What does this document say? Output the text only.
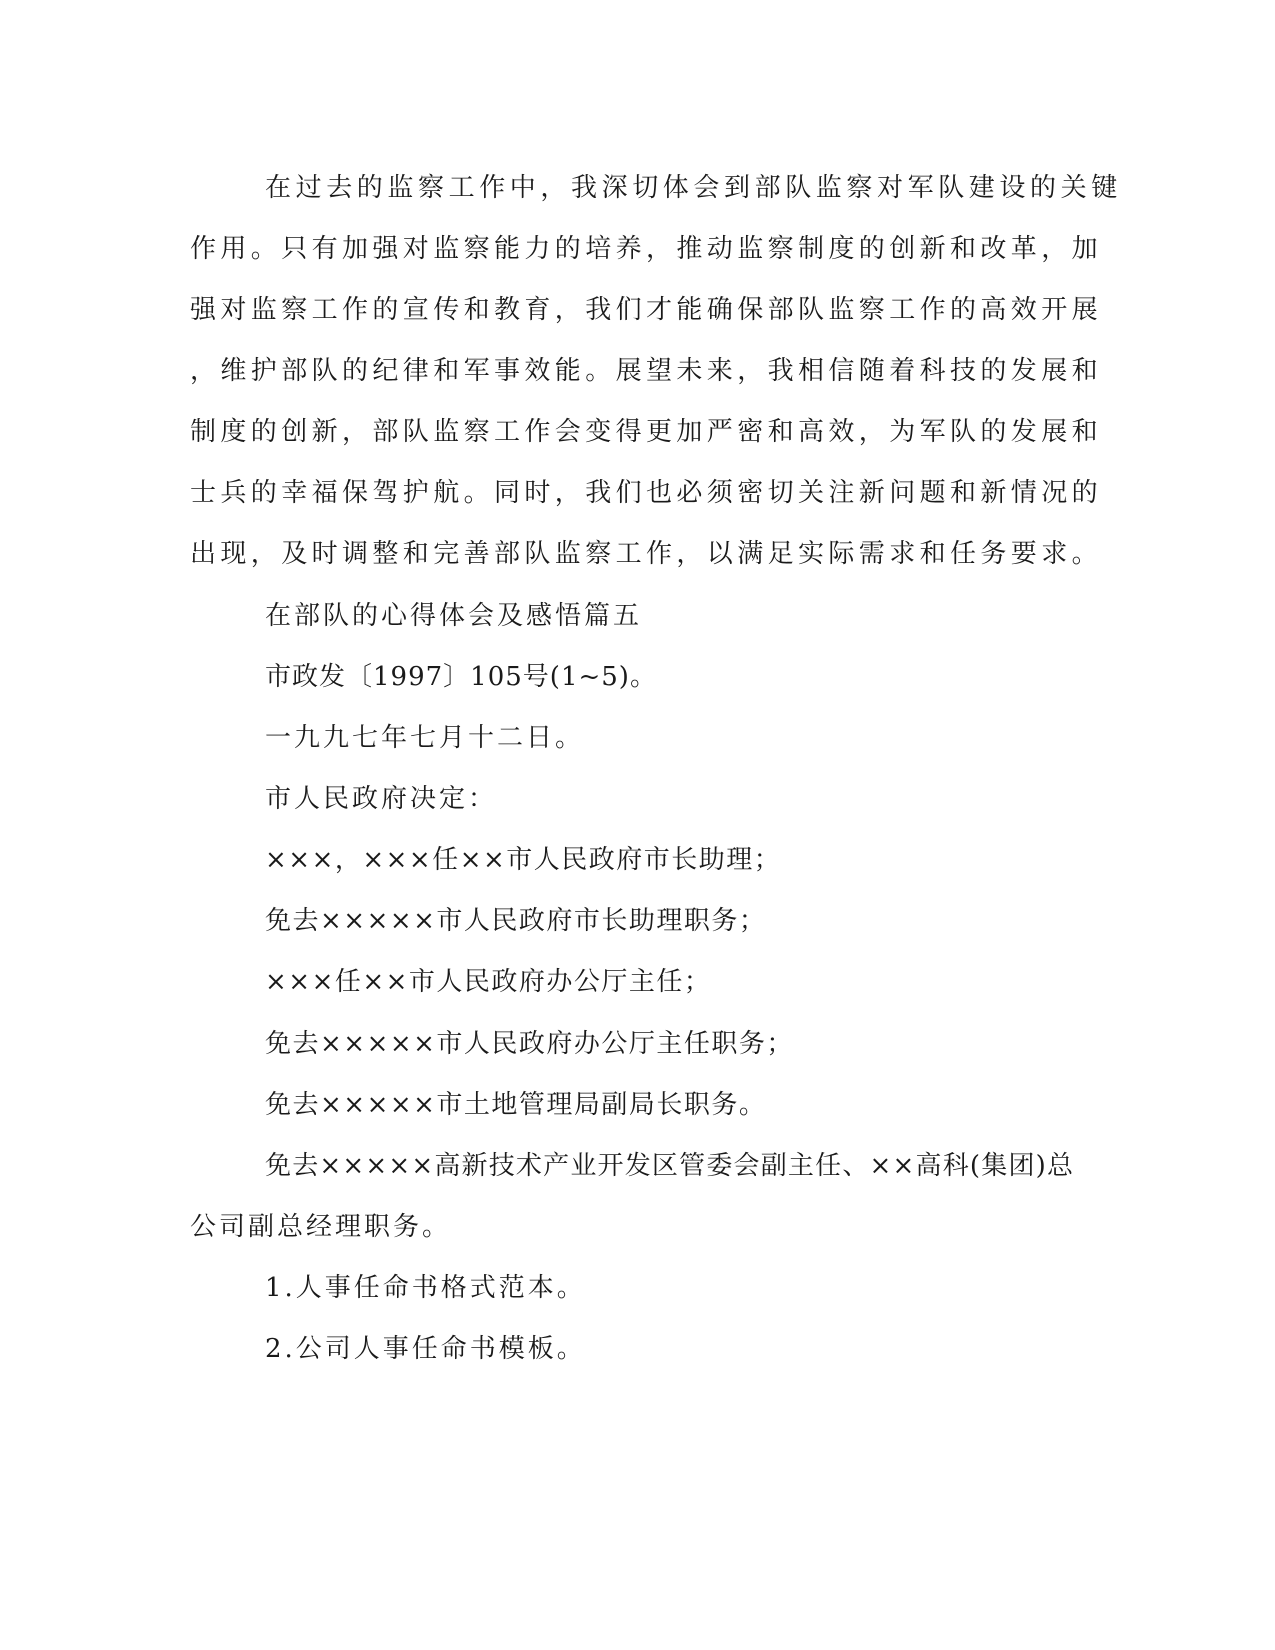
在过去的监察工作中，我深切体会到部队监察对军队建设的关键
作用。只有加强对监察能力的培养，推动监察制度的创新和改革，加
强对监察工作的宣传和教育，我们才能确保部队监察工作的高效开展
，维护部队的纪律和军事效能。展望未来，我相信随着科技的发展和
制度的创新，部队监察工作会变得更加严密和高效，为军队的发展和
士兵的幸福保驾护航。同时，我们也必须密切关注新问题和新情况的
出现，及时调整和完善部队监察工作，以满足实际需求和任务要求。
在部队的心得体会及感悟篇五
市政发〔1997〕105号(1~5)。
一九九七年七月十二日。
市人民政府决定：
×××，×××任××市人民政府市长助理；
免去×××××市人民政府市长助理职务；
×××任××市人民政府办公厅主任；
免去×××××市人民政府办公厅主任职务；
免去×××××市土地管理局副局长职务。
免去×××××高新技术产业开发区管委会副主任、××高科(集团)总
公司副总经理职务。
1.人事任命书格式范本。
2.公司人事任命书模板。
